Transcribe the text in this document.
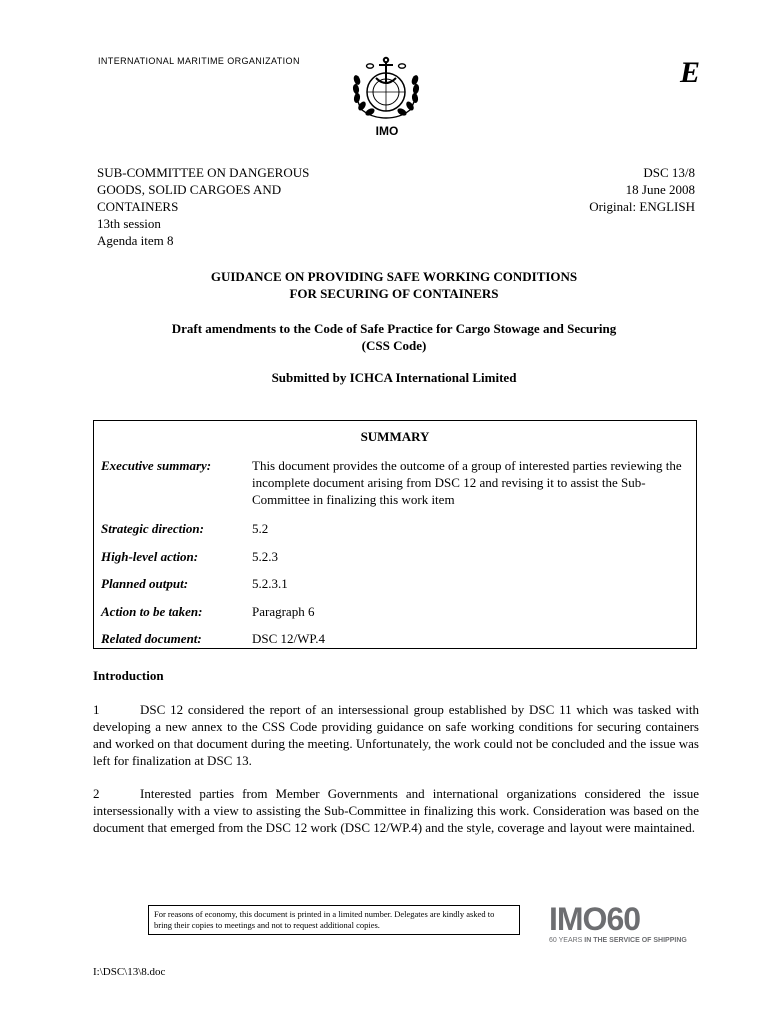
INTERNATIONAL MARITIME ORGANIZATION
IMO
E
SUB-COMMITTEE ON DANGEROUS
GOODS, SOLID CARGOES AND
CONTAINERS
13th session
Agenda item 8
DSC 13/8
18 June 2008
Original: ENGLISH
GUIDANCE ON PROVIDING SAFE WORKING CONDITIONS
FOR SECURING OF CONTAINERS
Draft amendments to the Code of Safe Practice for Cargo Stowage and Securing
(CSS Code)
Submitted by ICHCA International Limited
SUMMARY
Executive summary:	This document provides the outcome of a group of interested parties reviewing the incomplete document arising from DSC 12 and revising it to assist the Sub-Committee in finalizing this work item
Strategic direction:	5.2
High-level action:	5.2.3
Planned output:	5.2.3.1
Action to be taken:	Paragraph 6
Related document:	DSC 12/WP.4
Introduction
1	DSC 12 considered the report of an intersessional group established by DSC 11 which was tasked with developing a new annex to the CSS Code providing guidance on safe working conditions for securing containers and worked on that document during the meeting. Unfortunately, the work could not be concluded and the issue was left for finalization at DSC 13.
2	Interested parties from Member Governments and international organizations considered the issue intersessionally with a view to assisting the Sub-Committee in finalizing this work. Consideration was based on the document that emerged from the DSC 12 work (DSC 12/WP.4) and the style, coverage and layout were maintained.
For reasons of economy, this document is printed in a limited number. Delegates are kindly asked to bring their copies to meetings and not to request additional copies.	IMO60
60 YEARS IN THE SERVICE OF SHIPPING
I:\DSC\13\8.doc
